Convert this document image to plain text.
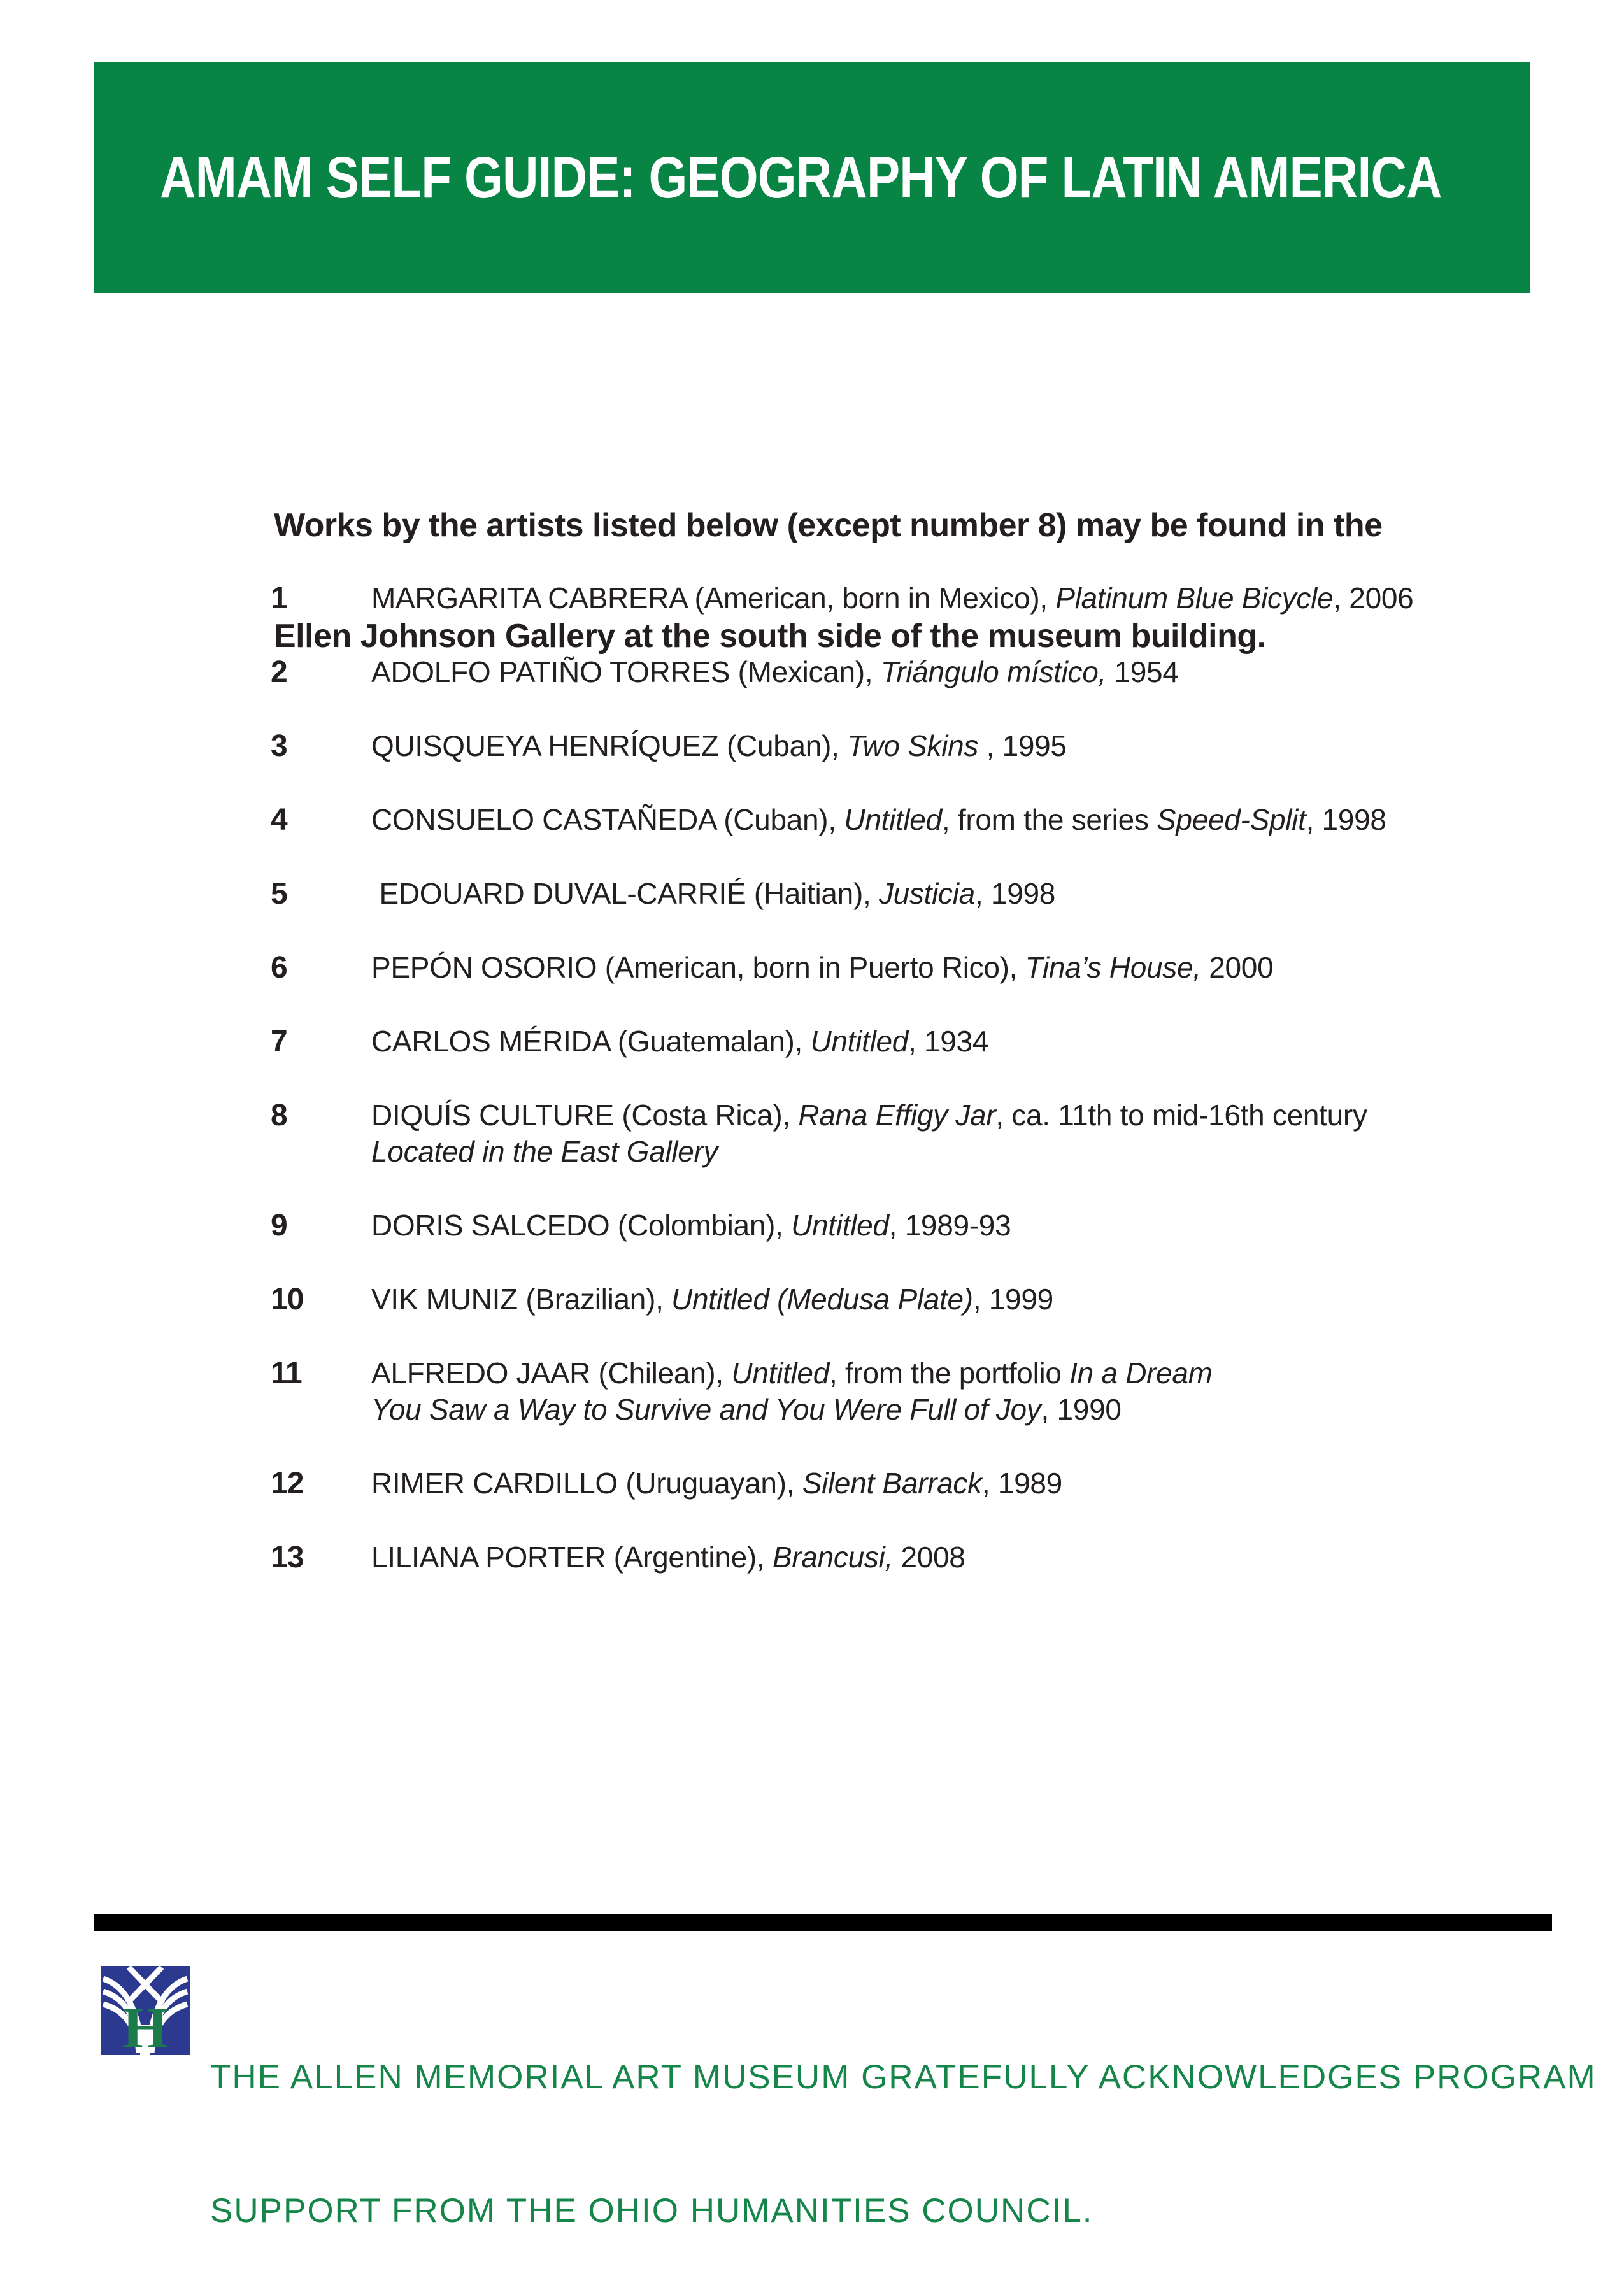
AMAM SELF GUIDE: GEOGRAPHY OF LATIN AMERICA

Works by the artists listed below (except number 8) may be found in the

Ellen Johnson Gallery at the south side of the museum building.

1	MARGARITA CABRERA (American, born in Mexico), Platinum Blue Bicycle, 2006
2	ADOLFO PATIÑO TORRES (Mexican), Triángulo místico, 1954
3	QUISQUEYA HENRÍQUEZ (Cuban), Two Skins , 1995
4	CONSUELO CASTAÑEDA (Cuban), Untitled, from the series Speed-Split, 1998
5	EDOUARD DUVAL-CARRIÉ (Haitian), Justicia, 1998
6	PEPÓN OSORIO (American, born in Puerto Rico), Tina’s House, 2000
7	CARLOS MÉRIDA (Guatemalan), Untitled, 1934
8	DIQUÍS CULTURE (Costa Rica), Rana Effigy Jar, ca. 11th to mid-16th century
Located in the East Gallery
9	DORIS SALCEDO (Colombian), Untitled, 1989-93
10	VIK MUNIZ (Brazilian), Untitled (Medusa Plate), 1999
11	ALFREDO JAAR (Chilean), Untitled, from the portfolio In a Dream
You Saw a Way to Survive and You Were Full of Joy, 1990
12	RIMER CARDILLO (Uruguayan), Silent Barrack, 1989
13	LILIANA PORTER (Argentine), Brancusi, 2008
H

THE ALLEN MEMORIAL ART MUSEUM GRATEFULLY ACKNOWLEDGES PROGRAM

SUPPORT FROM THE OHIO HUMANITIES COUNCIL.
